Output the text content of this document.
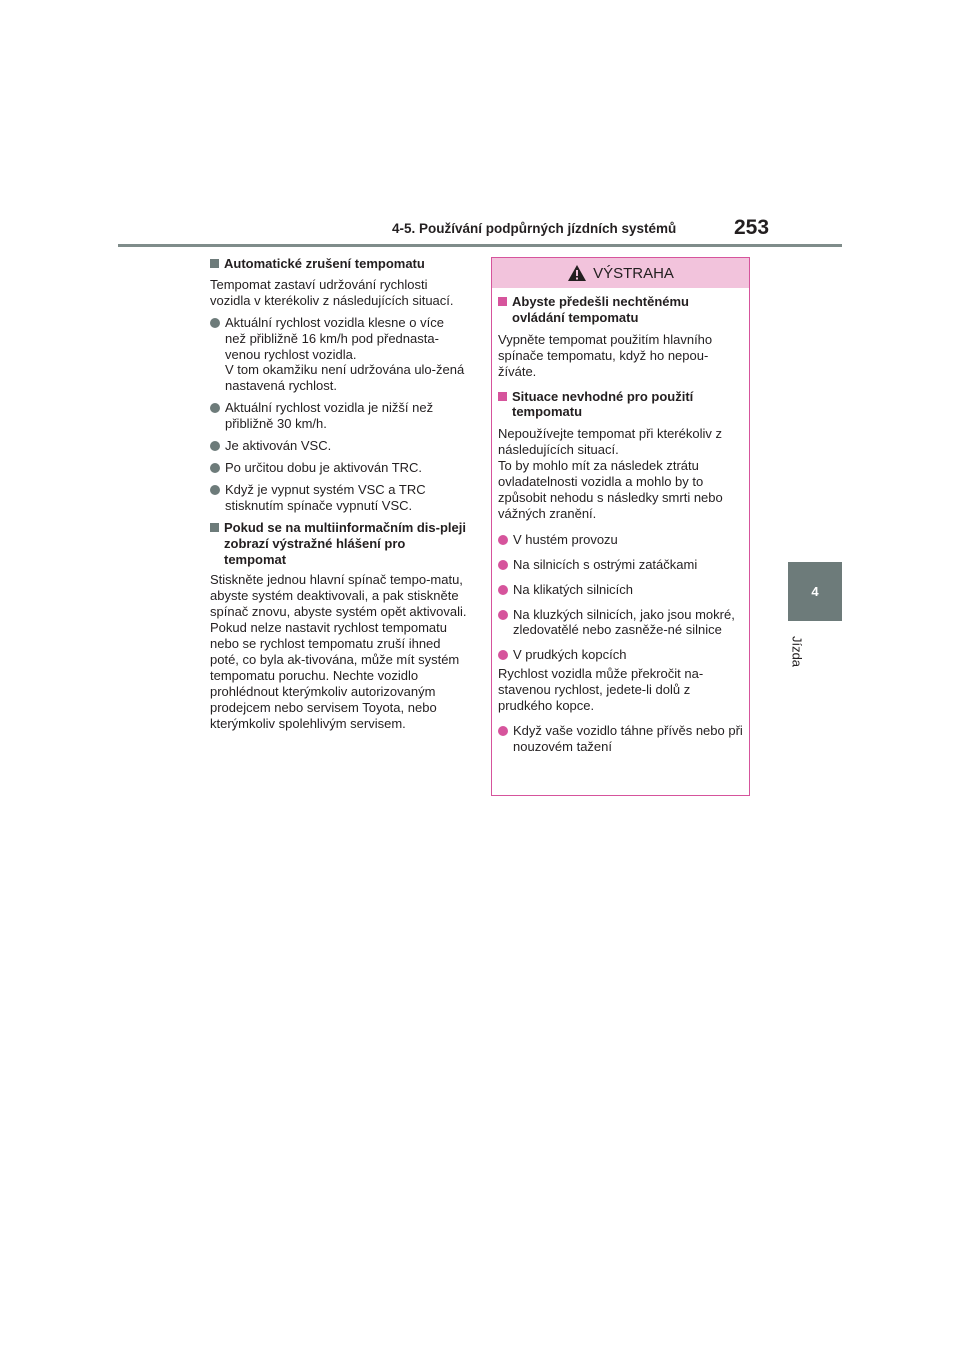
4-5. Používání podpůrných jízdních systémů	253
4
Jízda
Automatické zrušení tempomatu
Tempomat zastaví udržování rychlosti vozidla v kterékoliv z následujících situací.
Aktuální rychlost vozidla klesne o více než přibližně 16 km/h pod přednasta-venou rychlost vozidla.
V tom okamžiku není udržována ulo-žená nastavená rychlost.
Aktuální rychlost vozidla je nižší než přibližně 30 km/h.
Je aktivován VSC.
Po určitou dobu je aktivován TRC.
Když je vypnut systém VSC a TRC stisknutím spínače vypnutí VSC.
Pokud se na multiinformačním dis-pleji zobrazí výstražné hlášení pro tempomat
Stiskněte jednou hlavní spínač tempo-matu, abyste systém deaktivovali, a pak stiskněte spínač znovu, abyste systém opět aktivovali. Pokud nelze nastavit rychlost tempomatu nebo se rychlost tempomatu zruší ihned poté, co byla ak-tivována, může mít systém tempomatu poruchu. Nechte vozidlo prohlédnout kterýmkoliv autorizovaným prodejcem nebo servisem Toyota, nebo kterýmkoliv spolehlivým servisem.
VÝSTRAHA
Abyste předešli nechtěnému ovládání tempomatu
Vypněte tempomat použitím hlavního spínače tempomatu, když ho nepou-žíváte.
Situace nevhodné pro použití tempomatu
Nepoužívejte tempomat při kterékoliv z následujících situací.
To by mohlo mít za následek ztrátu ovladatelnosti vozidla a mohlo by to způsobit nehodu s následky smrti nebo vážných zranění.
V hustém provozu
Na silnicích s ostrými zatáčkami
Na klikatých silnicích
Na kluzkých silnicích, jako jsou mokré, zledovatělé nebo zasněže-né silnice
V prudkých kopcích
Rychlost vozidla může překročit na-stavenou rychlost, jedete-li dolů z prudkého kopce.
Když vaše vozidlo táhne přívěs nebo při nouzovém tažení
